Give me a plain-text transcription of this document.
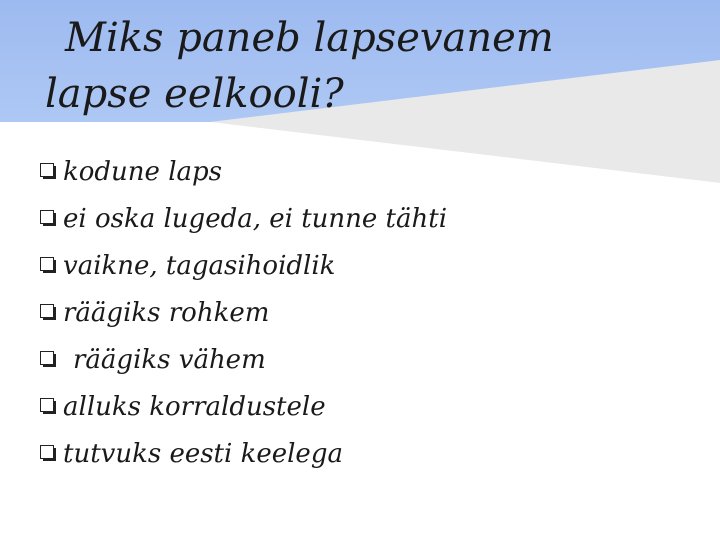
Miks paneb lapsevanem
lapse eelkooli?
kodune laps
ei oska lugeda, ei tunne tähti
vaikne, tagasihoidlik
räägiks rohkem
räägiks vähem
alluks korraldustele
tutvuks eesti keelega
